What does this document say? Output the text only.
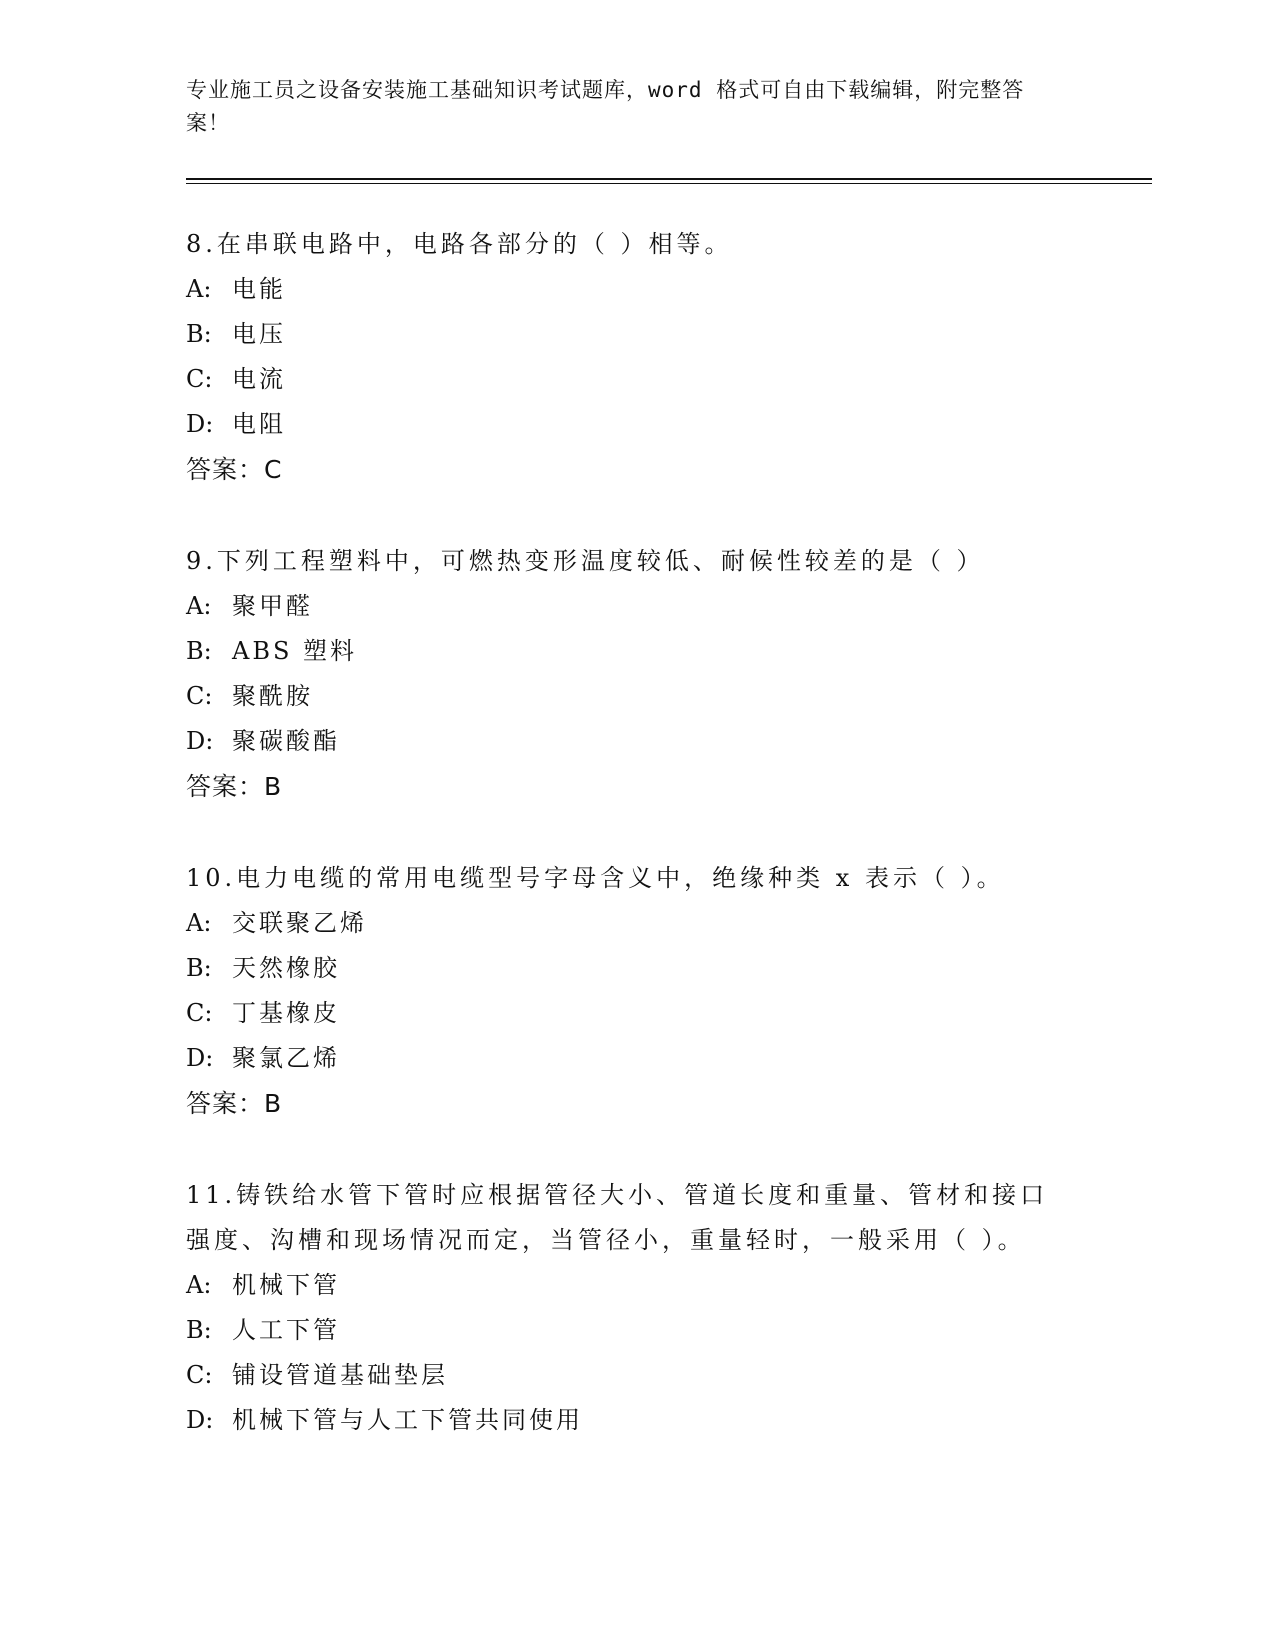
专业施工员之设备安装施工基础知识考试题库，word 格式可自由下载编辑，附完整答案！

8.在串联电路中，电路各部分的（ ）相等。

A: 电能

B: 电压

C: 电流

D: 电阻

答案：C

9.下列工程塑料中，可燃热变形温度较低、耐候性较差的是（ ）

A: 聚甲醛

B: ABS 塑料

C: 聚酰胺

D: 聚碳酸酯

答案：B

10.电力电缆的常用电缆型号字母含义中，绝缘种类 x 表示（ ）。

A: 交联聚乙烯

B: 天然橡胶

C: 丁基橡皮

D: 聚氯乙烯

答案：B

11.铸铁给水管下管时应根据管径大小、管道长度和重量、管材和接口强度、沟槽和现场情况而定，当管径小，重量轻时，一般采用（ ）。

A: 机械下管

B: 人工下管

C: 铺设管道基础垫层

D: 机械下管与人工下管共同使用
